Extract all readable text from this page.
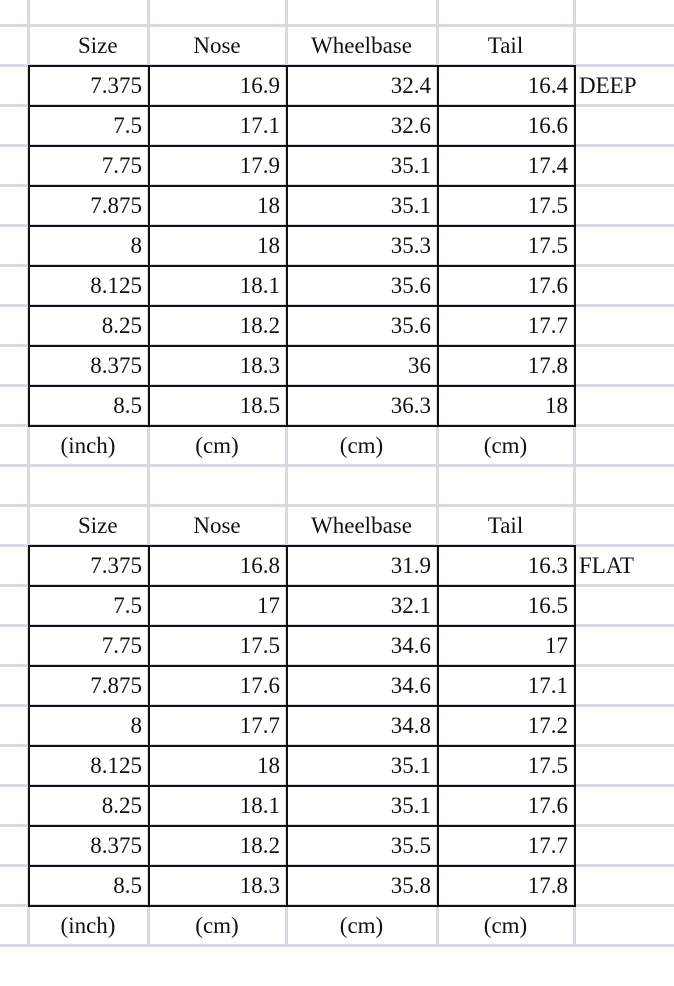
Size	Nose	Wheelbase	Tail
7.375	16.9	32.4	16.4
7.5	17.1	32.6	16.6
7.75	17.9	35.1	17.4
7.875	18	35.1	17.5
8	18	35.3	17.5
8.125	18.1	35.6	17.6
8.25	18.2	35.6	17.7
8.375	18.3	36	17.8
8.5	18.5	36.3	18
DEEP
(inch)	(cm)	(cm)	(cm)
Size	Nose	Wheelbase	Tail
7.375	16.8	31.9	16.3
7.5	17	32.1	16.5
7.75	17.5	34.6	17
7.875	17.6	34.6	17.1
8	17.7	34.8	17.2
8.125	18	35.1	17.5
8.25	18.1	35.1	17.6
8.375	18.2	35.5	17.7
8.5	18.3	35.8	17.8
FLAT
(inch)	(cm)	(cm)	(cm)
